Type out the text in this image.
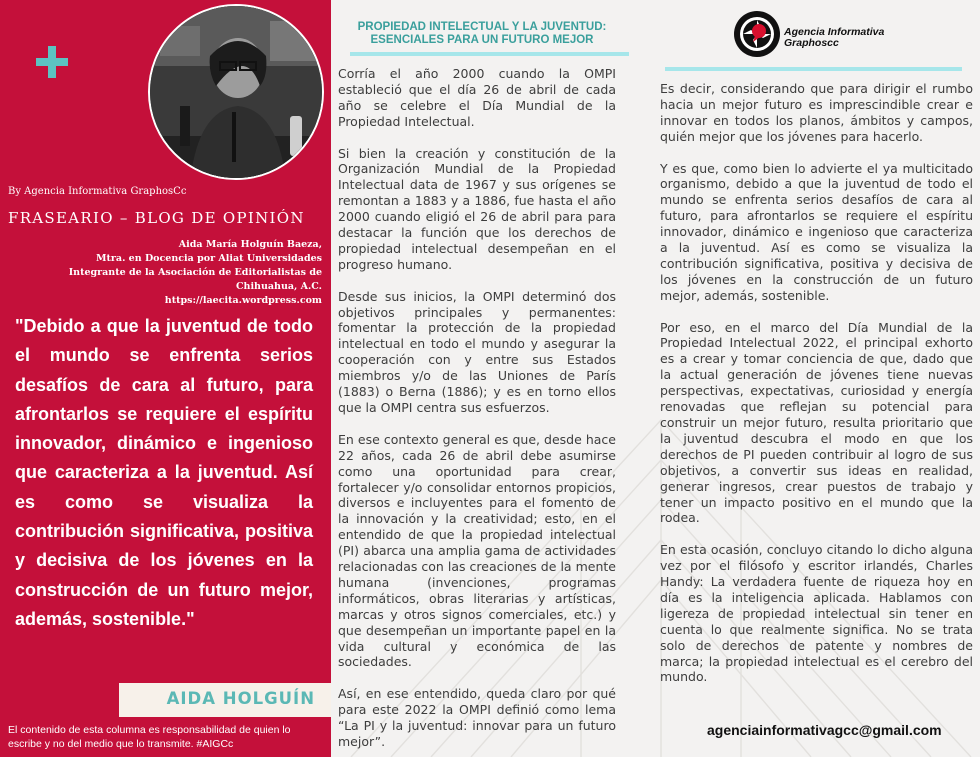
By Agencia Informativa GraphosCc
FRASEARIO – BLOG DE OPINIÓN
Aida María Holguín Baeza,
Mtra. en Docencia por Aliat Universidades
Integrante de la Asociación de Editorialistas de
Chihuahua, A.C.
https://laecita.wordpress.com
"Debido a que la juventud de todo el mundo se enfrenta serios desafíos de cara al futuro, para afrontarlos se requiere el espíritu innovador, dinámico e ingenioso que caracteriza a la juventud. Así es como se visualiza la contribución significativa, positiva y decisiva de los jóvenes en la construcción de un futuro mejor, además, sostenible."
AIDA HOLGUÍN
El contenido de esta columna es responsabilidad de quien lo escribe y no del medio que lo transmite. #AIGCc
PROPIEDAD INTELECTUAL Y LA JUVENTUD:
ESENCIALES PARA UN FUTURO MEJOR
Agencia Informativa
Graphoscc

Corría el año 2000 cuando la OMPI estableció que el día 26 de abril de cada año se celebre el Día Mundial de la Propiedad Intelectual.

Si bien la creación y constitución de la Organización Mundial de la Propiedad Intelectual data de 1967 y sus orígenes se remontan a 1883 y a 1886, fue hasta el año 2000 cuando eligió el 26 de abril para para destacar la función que los derechos de propiedad intelectual desempeñan en el progreso humano.

Desde sus inicios, la OMPI determinó dos objetivos principales y permanentes: fomentar la protección de la propiedad intelectual en todo el mundo y asegurar la cooperación con y entre sus Estados miembros y/o de las Uniones de París (1883) o Berna (1886); y es en torno ellos que la OMPI centra sus esfuerzos.

En ese contexto general es que, desde hace 22 años, cada 26 de abril debe asumirse como una oportunidad para crear, fortalecer y/o consolidar entornos propicios, diversos e incluyentes para el fomento de la innovación y la creatividad; esto, en el entendido de que la propiedad intelectual (PI) abarca una amplia gama de actividades relacionadas con las creaciones de la mente humana (invenciones, programas informáticos, obras literarias y artísticas, marcas y otros signos comerciales, etc.) y que desempeñan un importante papel en la vida cultural y económica de las sociedades.

Así, en ese entendido, queda claro por qué para este 2022 la OMPI definió como lema “La PI y la juventud: innovar para un futuro mejor”.

Es decir, considerando que para dirigir el rumbo hacia un mejor futuro es imprescindible crear e innovar en todos los planos, ámbitos y campos, quién mejor que los jóvenes para hacerlo.

Y es que, como bien lo advierte el ya multicitado organismo, debido a que la juventud de todo el mundo se enfrenta serios desafíos de cara al futuro, para afrontarlos se requiere el espíritu innovador, dinámico e ingenioso que caracteriza a la juventud. Así es como se visualiza la contribución significativa, positiva y decisiva de los jóvenes en la construcción de un futuro mejor, además, sostenible.

Por eso, en el marco del Día Mundial de la Propiedad Intelectual 2022, el principal exhorto es a crear y tomar conciencia de que, dado que la actual generación de jóvenes tiene nuevas perspectivas, expectativas, curiosidad y energía renovadas que reflejan su potencial para construir un mejor futuro, resulta prioritario que la juventud descubra el modo en que los derechos de PI pueden contribuir al logro de sus objetivos, a convertir sus ideas en realidad, generar ingresos, crear puestos de trabajo y tener un impacto positivo en el mundo que la rodea.

En esta ocasión, concluyo citando lo dicho alguna vez por el filósofo y escritor irlandés, Charles Handy: La verdadera fuente de riqueza hoy en día es la inteligencia aplicada. Hablamos con ligereza de propiedad intelectual sin tener en cuenta lo que realmente significa. No se trata solo de derechos de patente y nombres de marca; la propiedad intelectual es el cerebro del mundo.

agenciainformativagcc@gmail.com
